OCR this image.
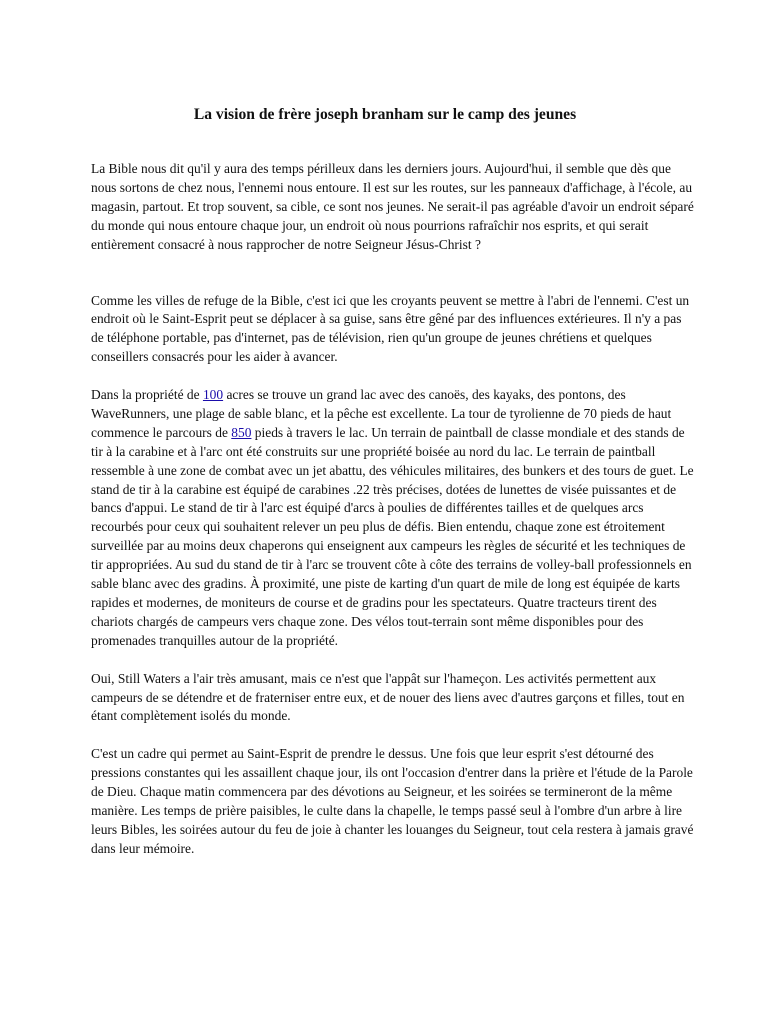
La vision de frère joseph branham sur le camp des jeunes

La Bible nous dit qu'il y aura des temps périlleux dans les derniers jours. Aujourd'hui, il semble que dès que nous sortons de chez nous, l'ennemi nous entoure. Il est sur les routes, sur les panneaux d'affichage, à l'école, au magasin, partout. Et trop souvent, sa cible, ce sont nos jeunes. Ne serait-il pas agréable d'avoir un endroit séparé du monde qui nous entoure chaque jour, un endroit où nous pourrions rafraîchir nos esprits, et qui serait entièrement consacré à nous rapprocher de notre Seigneur Jésus-Christ ?

Comme les villes de refuge de la Bible, c'est ici que les croyants peuvent se mettre à l'abri de l'ennemi. C'est un endroit où le Saint-Esprit peut se déplacer à sa guise, sans être gêné par des influences extérieures. Il n'y a pas de téléphone portable, pas d'internet, pas de télévision, rien qu'un groupe de jeunes chrétiens et quelques conseillers consacrés pour les aider à avancer.

Dans la propriété de 100 acres se trouve un grand lac avec des canoës, des kayaks, des pontons, des WaveRunners, une plage de sable blanc, et la pêche est excellente. La tour de tyrolienne de 70 pieds de haut commence le parcours de 850 pieds à travers le lac. Un terrain de paintball de classe mondiale et des stands de tir à la carabine et à l'arc ont été construits sur une propriété boisée au nord du lac. Le terrain de paintball ressemble à une zone de combat avec un jet abattu, des véhicules militaires, des bunkers et des tours de guet. Le stand de tir à la carabine est équipé de carabines .22 très précises, dotées de lunettes de visée puissantes et de bancs d'appui. Le stand de tir à l'arc est équipé d'arcs à poulies de différentes tailles et de quelques arcs recourbés pour ceux qui souhaitent relever un peu plus de défis. Bien entendu, chaque zone est étroitement surveillée par au moins deux chaperons qui enseignent aux campeurs les règles de sécurité et les techniques de tir appropriées. Au sud du stand de tir à l'arc se trouvent côte à côte des terrains de volley-ball professionnels en sable blanc avec des gradins. À proximité, une piste de karting d'un quart de mile de long est équipée de karts rapides et modernes, de moniteurs de course et de gradins pour les spectateurs. Quatre tracteurs tirent des chariots chargés de campeurs vers chaque zone. Des vélos tout-terrain sont même disponibles pour des promenades tranquilles autour de la propriété.

Oui, Still Waters a l'air très amusant, mais ce n'est que l'appât sur l'hameçon. Les activités permettent aux campeurs de se détendre et de fraterniser entre eux, et de nouer des liens avec d'autres garçons et filles, tout en étant complètement isolés du monde.

C'est un cadre qui permet au Saint-Esprit de prendre le dessus. Une fois que leur esprit s'est détourné des pressions constantes qui les assaillent chaque jour, ils ont l'occasion d'entrer dans la prière et l'étude de la Parole de Dieu. Chaque matin commencera par des dévotions au Seigneur, et les soirées se termineront de la même manière. Les temps de prière paisibles, le culte dans la chapelle, le temps passé seul à l'ombre d'un arbre à lire leurs Bibles, les soirées autour du feu de joie à chanter les louanges du Seigneur, tout cela restera à jamais gravé dans leur mémoire.
